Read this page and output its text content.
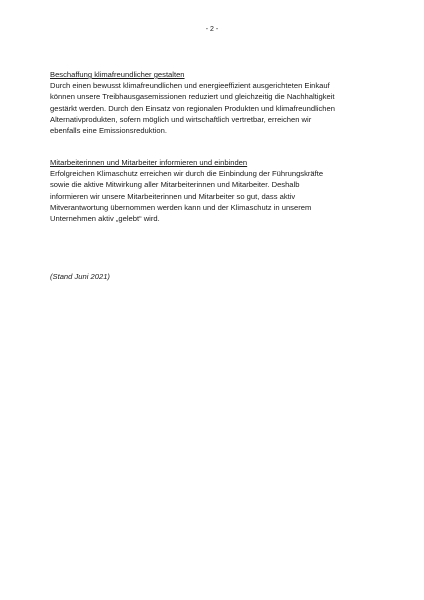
- 2 -
Beschaffung klimafreundlicher gestalten
Durch einen bewusst klimafreundlichen und energieeffizient ausgerichteten Einkauf
können unsere Treibhausgasemissionen reduziert und gleichzeitig die Nachhaltigkeit
gestärkt werden. Durch den Einsatz von regionalen Produkten und klimafreundlichen
Alternativprodukten, sofern möglich und wirtschaftlich vertretbar, erreichen wir
ebenfalls eine Emissionsreduktion.
Mitarbeiterinnen und Mitarbeiter informieren und einbinden
Erfolgreichen Klimaschutz erreichen wir durch die Einbindung der Führungskräfte
sowie die aktive Mitwirkung aller Mitarbeiterinnen und Mitarbeiter. Deshalb
informieren wir unsere Mitarbeiterinnen und Mitarbeiter so gut, dass aktiv
Mitverantwortung übernommen werden kann und der Klimaschutz in unserem
Unternehmen aktiv „gelebt“ wird.
(Stand Juni 2021)
